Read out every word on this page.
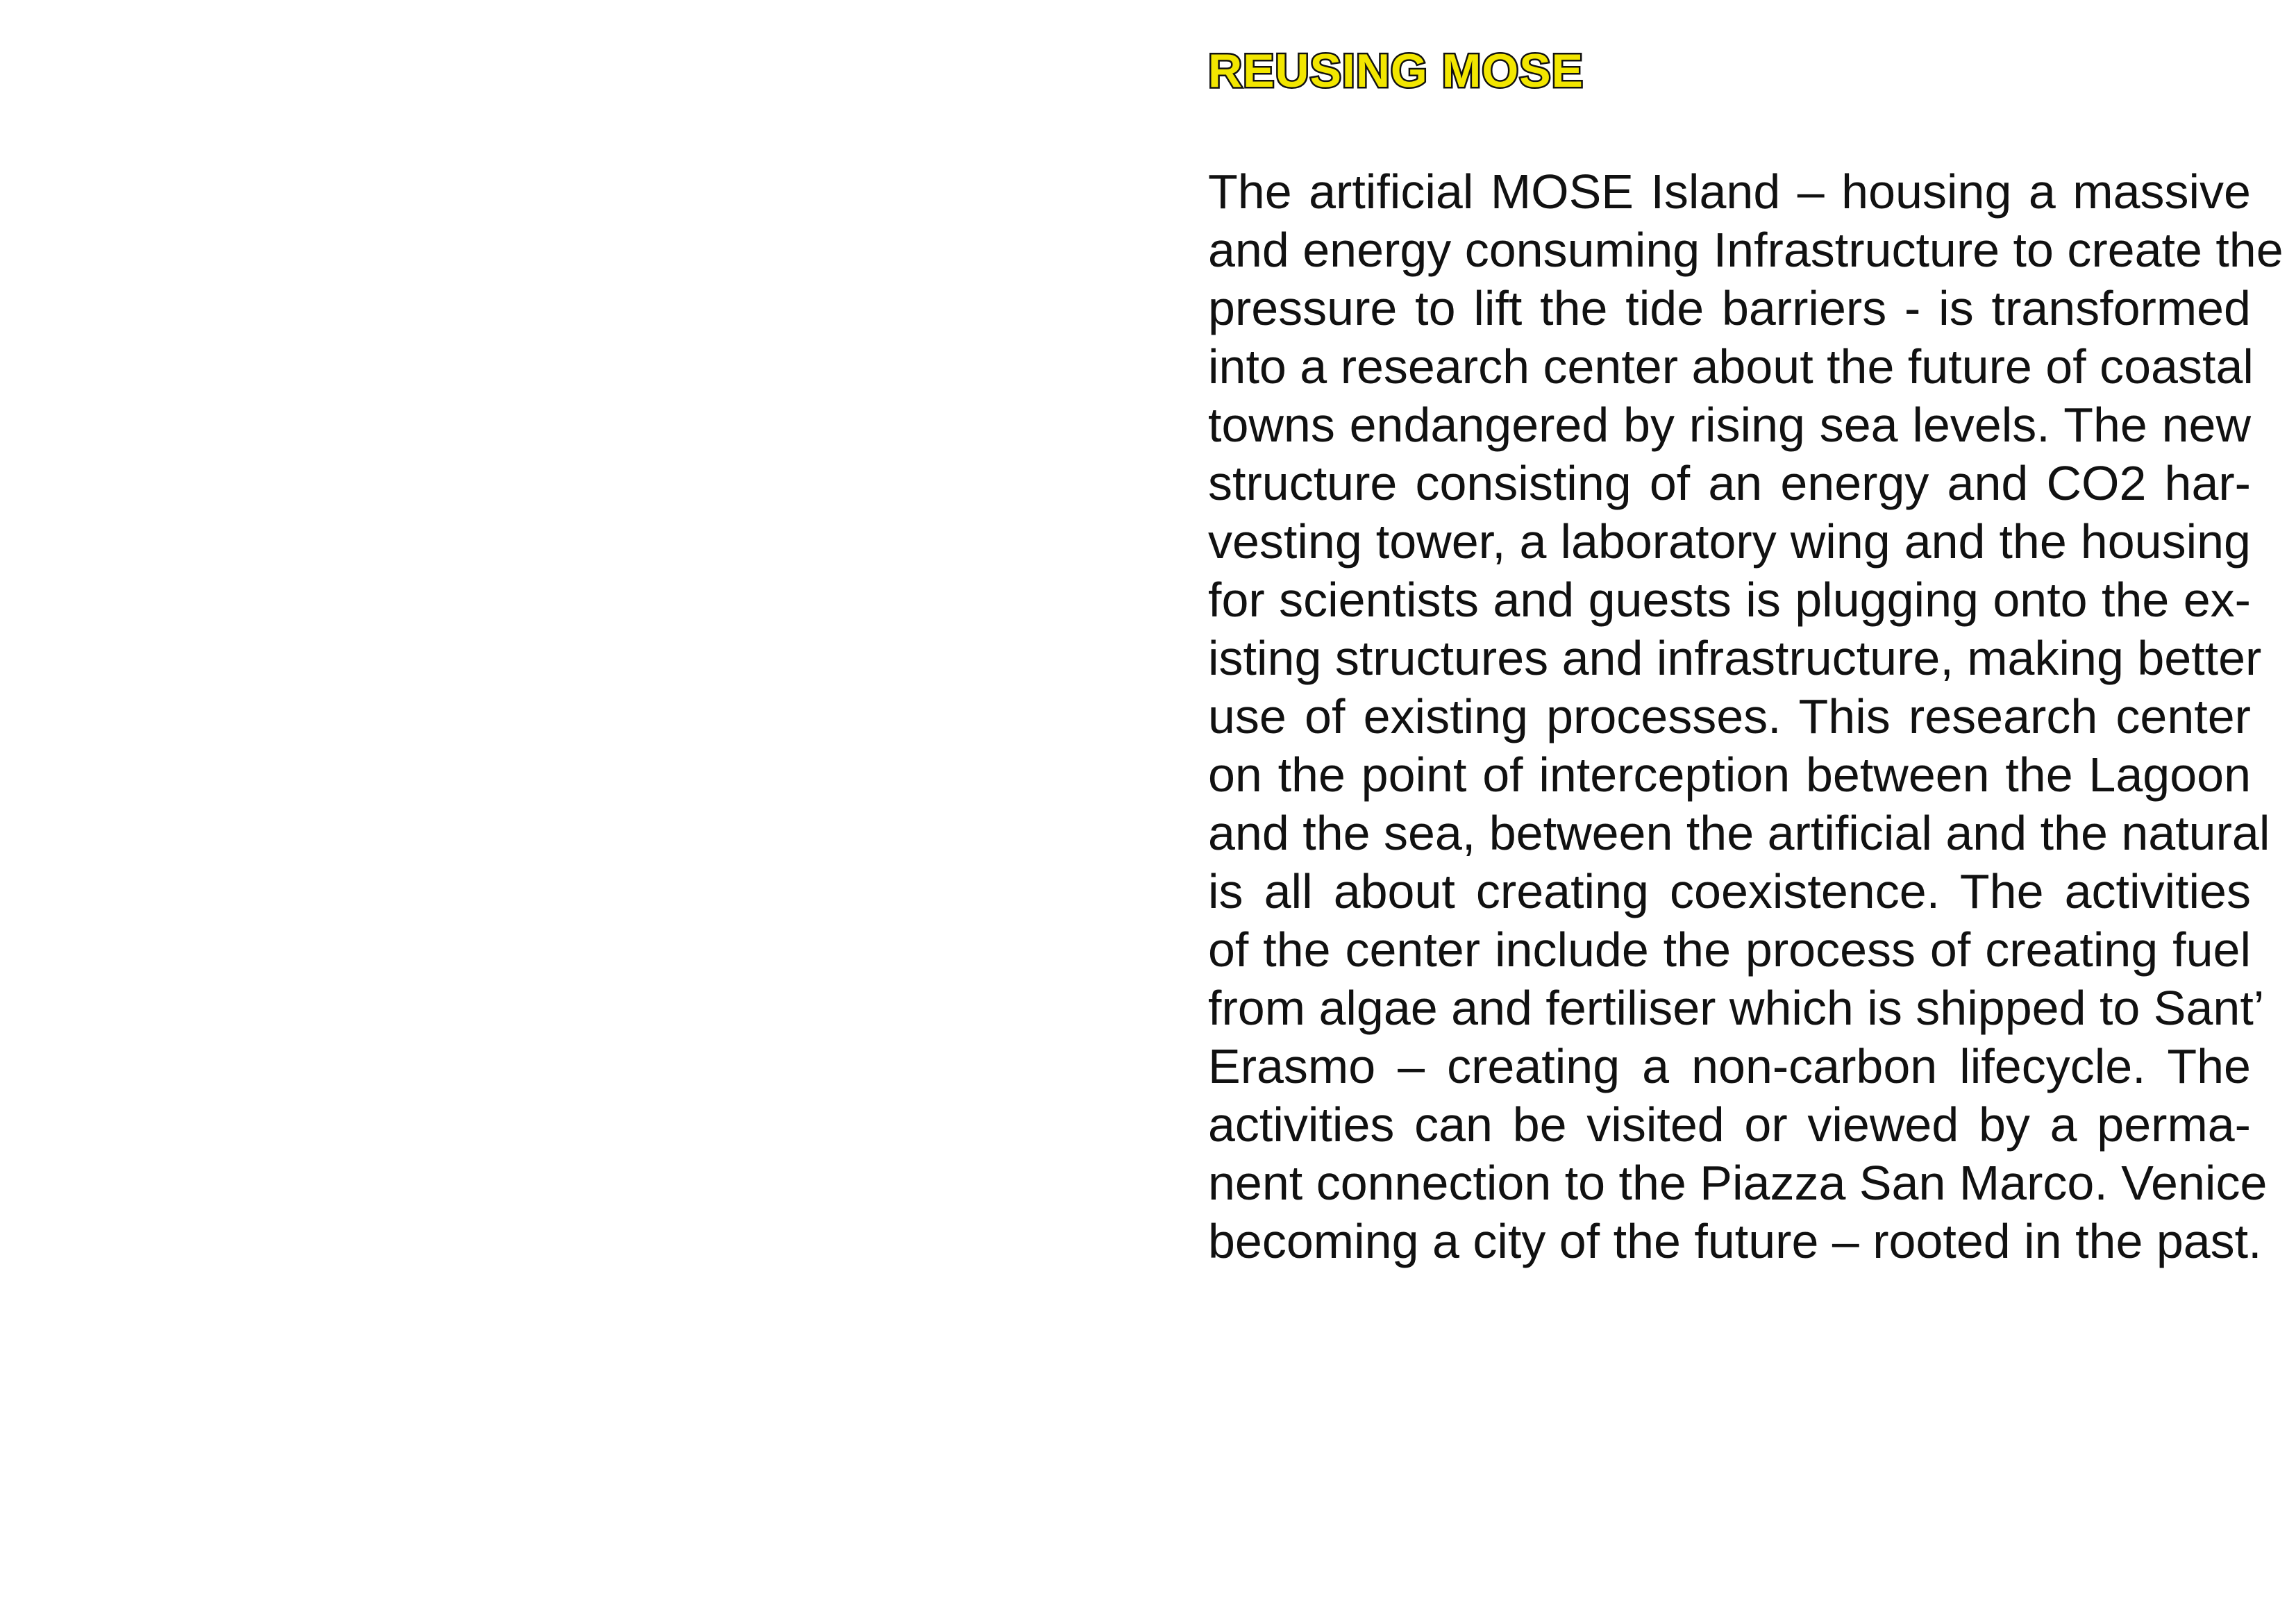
REUSING MOSE
The artificial MOSE Island – housing a massive
and energy consuming Infrastructure to create the
pressure to lift the tide barriers - is transformed
into a research center about the future of coastal
towns endangered by rising sea levels. The new
structure consisting of an energy and CO2 har-
vesting tower, a laboratory wing and the housing
for scientists and guests is plugging onto the ex-
isting structures and infrastructure, making better
use of existing processes. This research center
on the point of interception between the Lagoon
and the sea, between the artificial and the natural
is all about creating coexistence. The activities
of the center include the process of creating fuel
from algae and fertiliser which is shipped to Sant’
Erasmo – creating a non-carbon lifecycle. The
activities can be visited or viewed by a perma-
nent connection to the Piazza San Marco. Venice
becoming a city of the future – rooted in the past.
